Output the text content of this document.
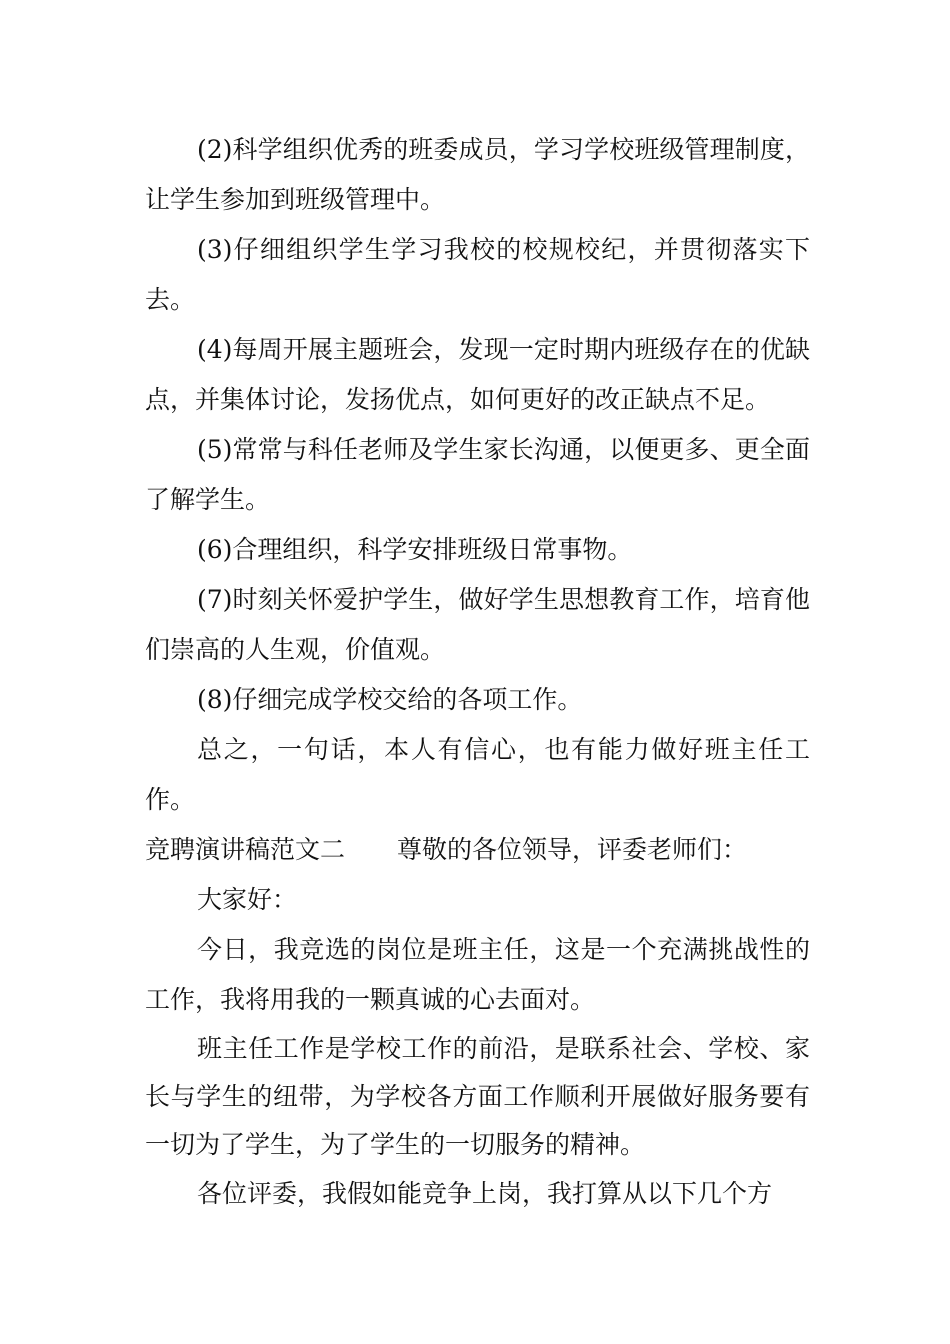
(2)科学组织优秀的班委成员，学习学校班级管理制度，让学生参加到班级管理中。

(3)仔细组织学生学习我校的校规校纪，并贯彻落实下去。

(4)每周开展主题班会，发现一定时期内班级存在的优缺点，并集体讨论，发扬优点，如何更好的改正缺点不足。

(5)常常与科任老师及学生家长沟通，以便更多、更全面了解学生。

(6)合理组织，科学安排班级日常事物。

(7)时刻关怀爱护学生，做好学生思想教育工作，培育他们崇高的人生观，价值观。

(8)仔细完成学校交给的各项工作。

总之，一句话，本人有信心，也有能力做好班主任工作。

竞聘演讲稿范文二 尊敬的各位领导，评委老师们：

大家好：

今日，我竞选的岗位是班主任，这是一个充满挑战性的工作，我将用我的一颗真诚的心去面对。

班主任工作是学校工作的前沿，是联系社会、学校、家长与学生的纽带，为学校各方面工作顺利开展做好服务要有一切为了学生，为了学生的一切服务的精神。

各位评委，我假如能竞争上岗，我打算从以下几个方
